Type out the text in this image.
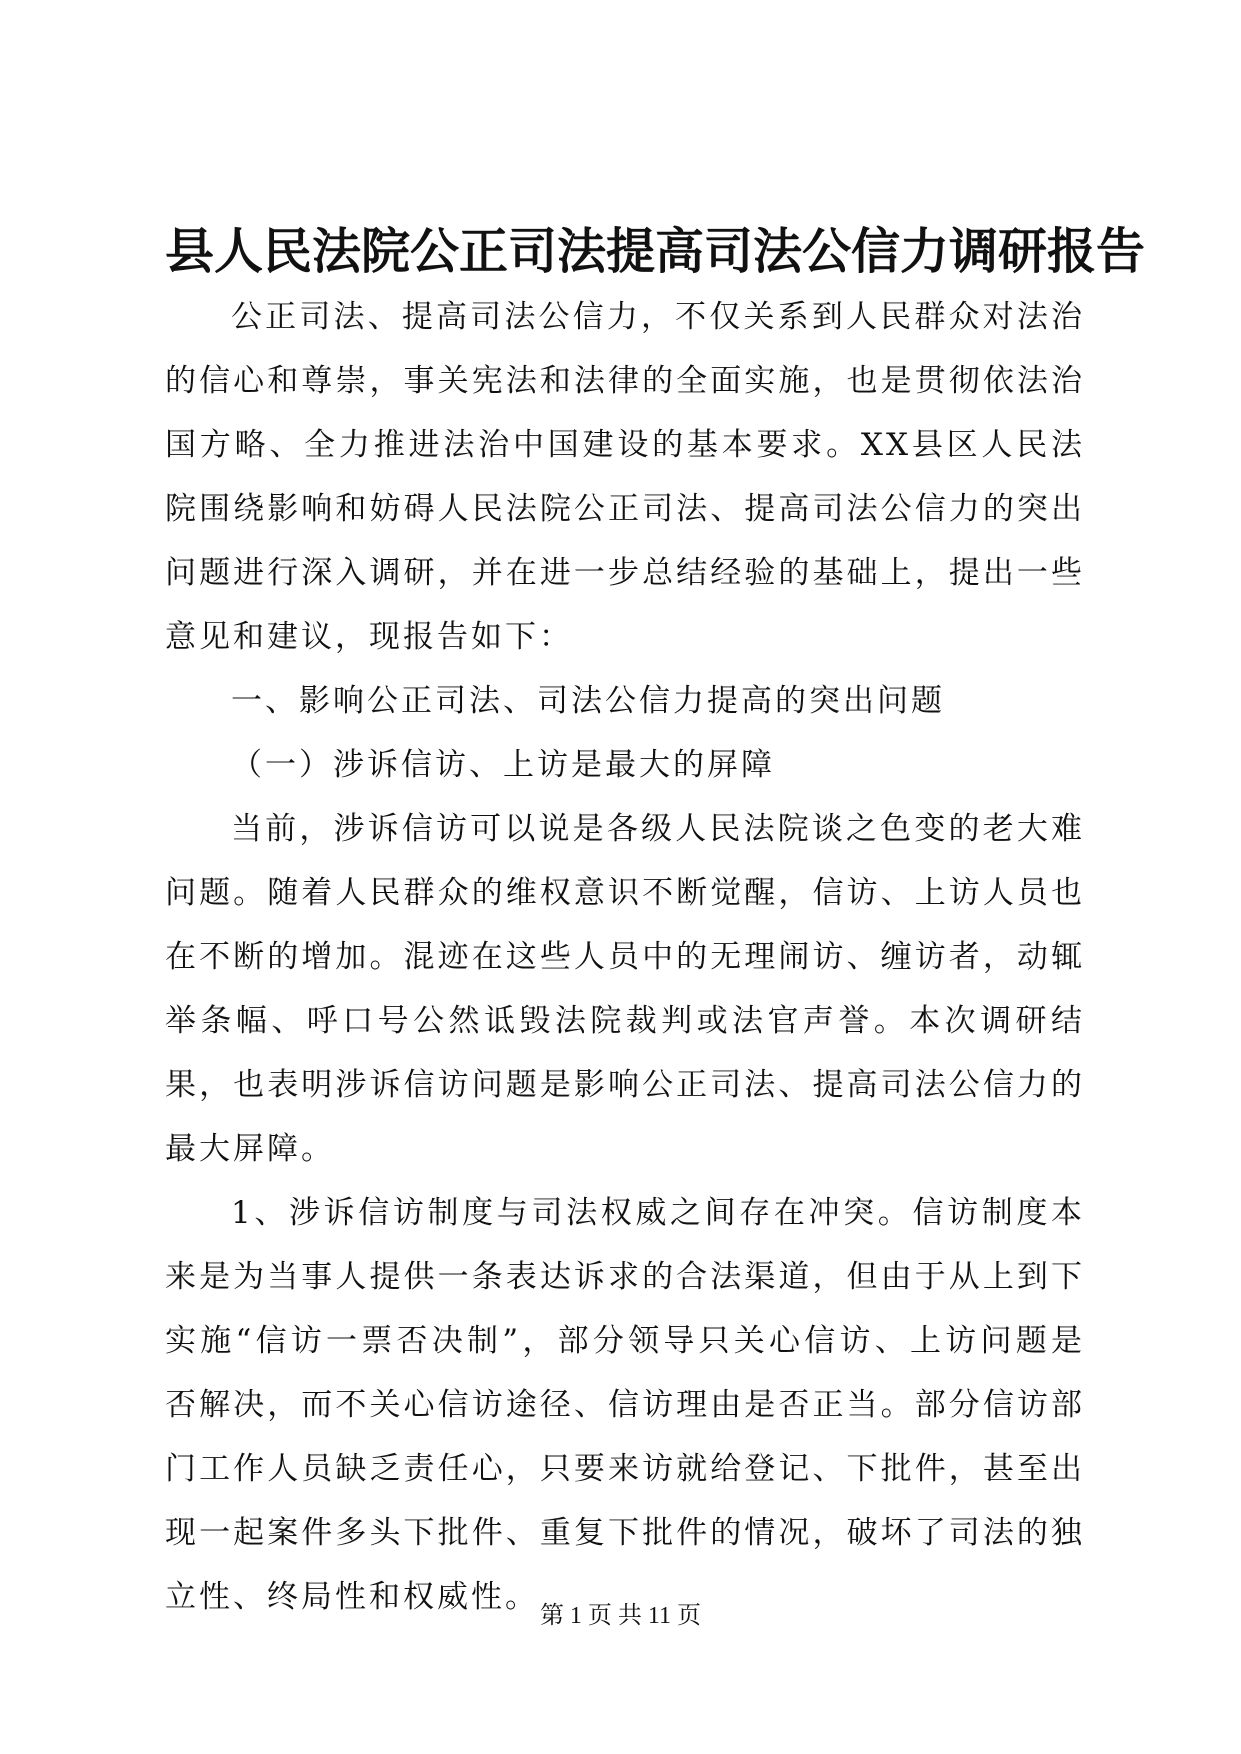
县人民法院公正司法提高司法公信力调研报告

公正司法、提高司法公信力，不仅关系到人民群众对法治的信心和尊崇，事关宪法和法律的全面实施，也是贯彻依法治国方略、全力推进法治中国建设的基本要求。XX县区人民法院围绕影响和妨碍人民法院公正司法、提高司法公信力的突出问题进行深入调研，并在进一步总结经验的基础上，提出一些意见和建议，现报告如下：

一、影响公正司法、司法公信力提高的突出问题

（一）涉诉信访、上访是最大的屏障

当前，涉诉信访可以说是各级人民法院谈之色变的老大难问题。随着人民群众的维权意识不断觉醒，信访、上访人员也在不断的增加。混迹在这些人员中的无理闹访、缠访者，动辄举条幅、呼口号公然诋毁法院裁判或法官声誉。本次调研结果，也表明涉诉信访问题是影响公正司法、提高司法公信力的最大屏障。

1、涉诉信访制度与司法权威之间存在冲突。信访制度本来是为当事人提供一条表达诉求的合法渠道，但由于从上到下实施“信访一票否决制”，部分领导只关心信访、上访问题是否解决，而不关心信访途径、信访理由是否正当。部分信访部门工作人员缺乏责任心，只要来访就给登记、下批件，甚至出现一起案件多头下批件、重复下批件的情况，破坏了司法的独立性、终局性和权威性。

第 1 页 共 11 页
